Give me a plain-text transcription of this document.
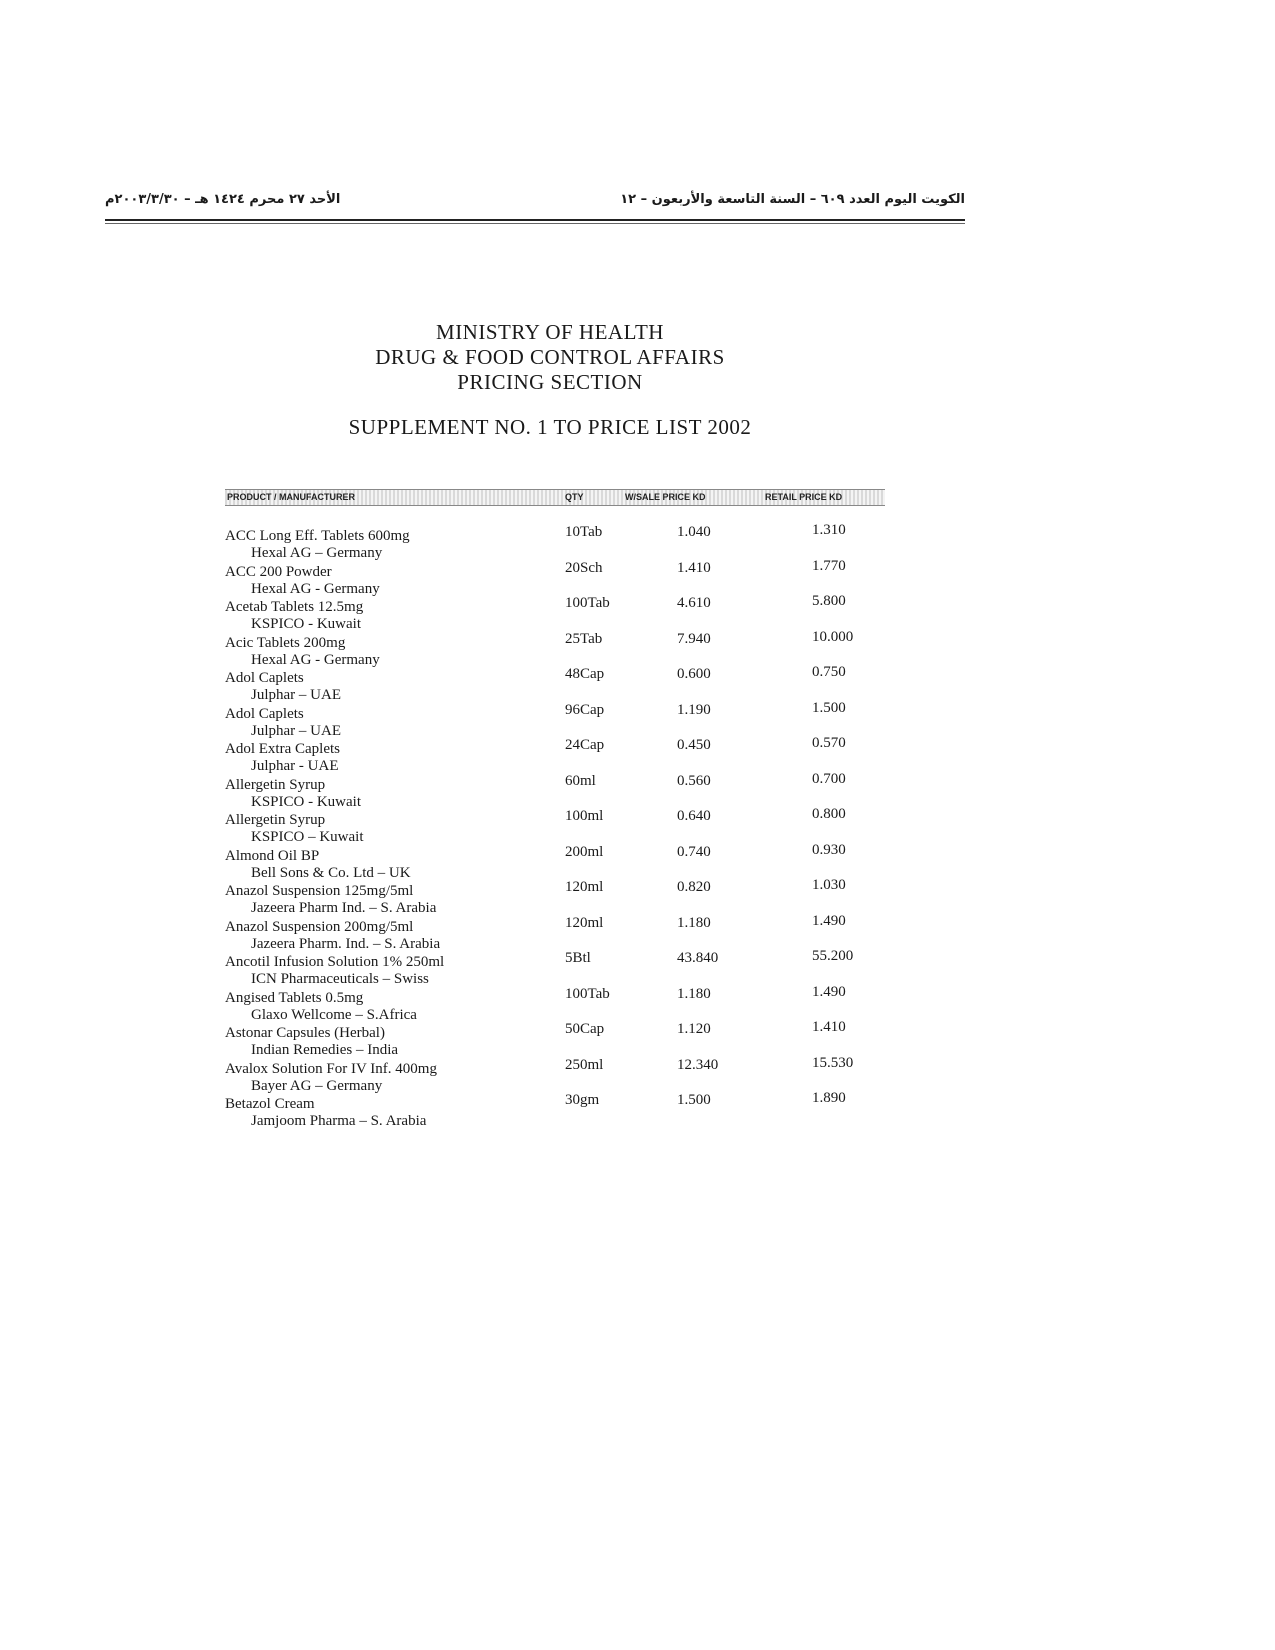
الكويت اليوم العدد ٦٠٩ – السنة التاسعة والأربعون – ١٢
الأحد ٢٧ محرم ١٤٢٤ هـ – ٢٠٠٣/٣/٣٠م
MINISTRY OF HEALTH
DRUG & FOOD CONTROL AFFAIRS
PRICING SECTION
SUPPLEMENT NO. 1 TO PRICE LIST 2002
PRODUCT / MANUFACTURER	QTY	W/SALE PRICE KD	RETAIL PRICE KD
ACC Long Eff. Tablets 600mg
Hexal AG – Germany
10Tab	1.040	1.310
ACC 200 Powder
Hexal AG - Germany
20Sch	1.410	1.770
Acetab Tablets 12.5mg
KSPICO - Kuwait
100Tab	4.610	5.800
Acic Tablets 200mg
Hexal AG - Germany
25Tab	7.940	10.000
Adol Caplets
Julphar – UAE
48Cap	0.600	0.750
Adol Caplets
Julphar – UAE
96Cap	1.190	1.500
Adol Extra Caplets
Julphar - UAE
24Cap	0.450	0.570
Allergetin Syrup
KSPICO - Kuwait
60ml	0.560	0.700
Allergetin Syrup
KSPICO – Kuwait
100ml	0.640	0.800
Almond Oil BP
Bell Sons & Co. Ltd – UK
200ml	0.740	0.930
Anazol Suspension 125mg/5ml
Jazeera Pharm Ind. – S. Arabia
120ml	0.820	1.030
Anazol Suspension 200mg/5ml
Jazeera Pharm. Ind. – S. Arabia
120ml	1.180	1.490
Ancotil Infusion Solution 1% 250ml
ICN Pharmaceuticals – Swiss
5Btl	43.840	55.200
Angised Tablets 0.5mg
Glaxo Wellcome – S.Africa
100Tab	1.180	1.490
Astonar Capsules (Herbal)
Indian Remedies – India
50Cap	1.120	1.410
Avalox Solution For IV Inf. 400mg
Bayer AG – Germany
250ml	12.340	15.530
Betazol Cream
Jamjoom Pharma – S. Arabia
30gm	1.500	1.890
